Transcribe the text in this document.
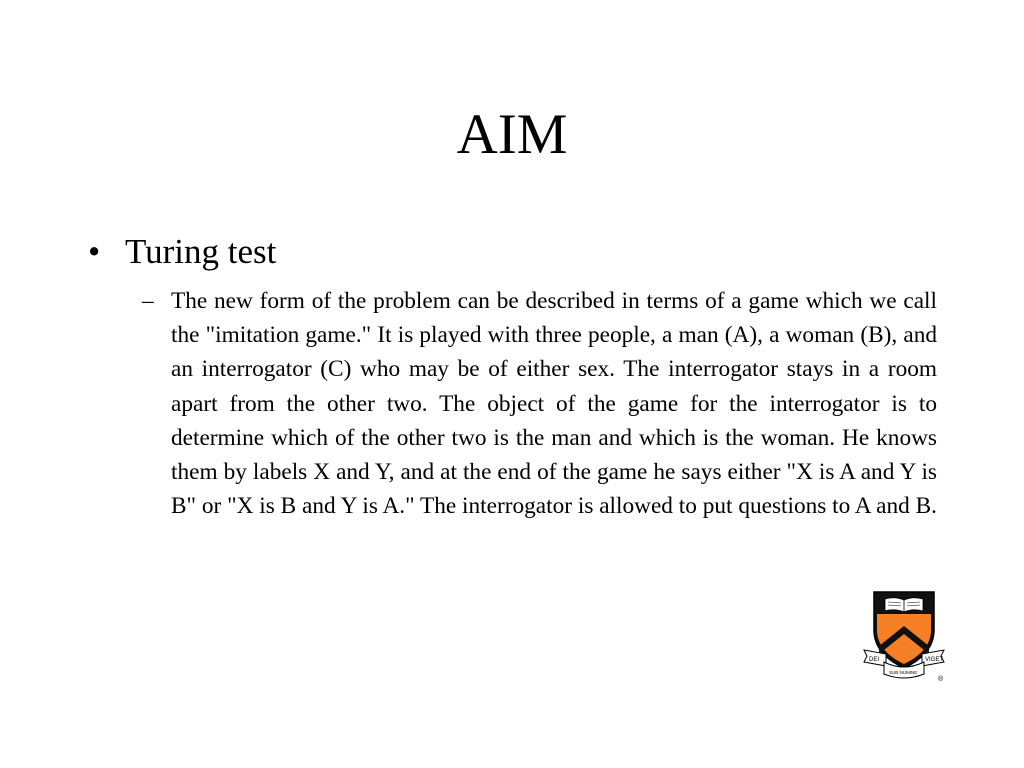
AIM
• Turing test
– The new form of the problem can be described in terms of a game which we call the "imitation game." It is played with three people, a man (A), a woman (B), and an interrogator (C) who may be of either sex. The interrogator stays in a room apart from the other two. The object of the game for the interrogator is to determine which of the other two is the man and which is the woman. He knows them by labels X and Y, and at the end of the game he says either "X is A and Y is B" or "X is B and Y is A." The interrogator is allowed to put questions to A and B.
DEI	VIGET
SUB NUMINE
®
